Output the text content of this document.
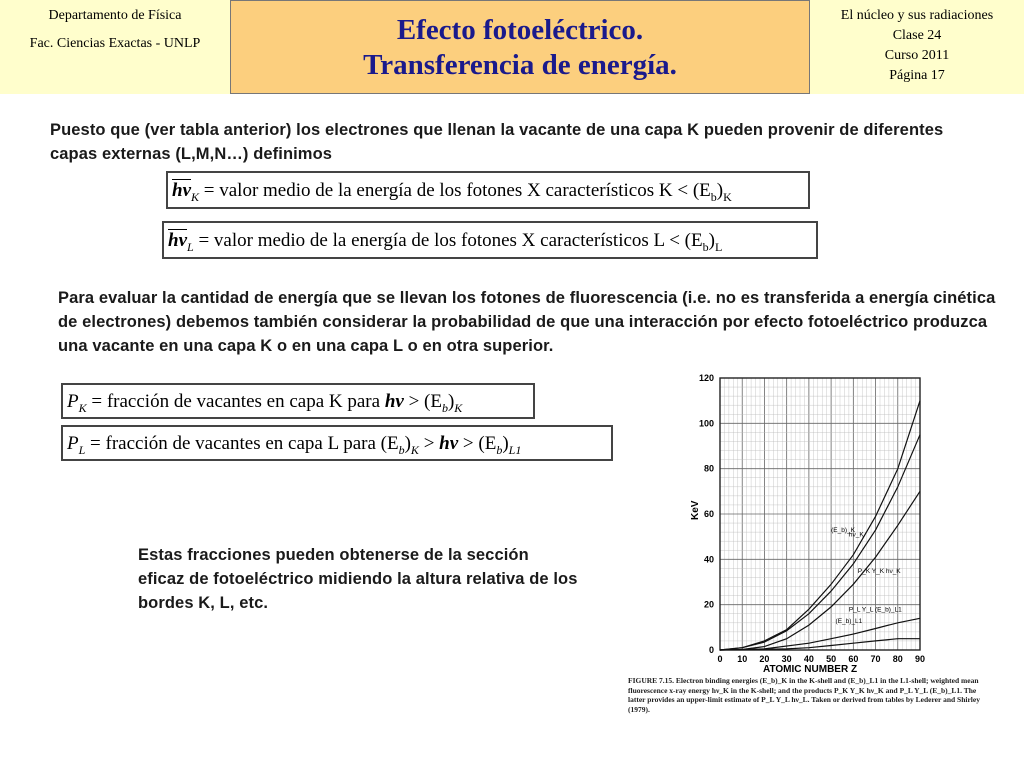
Departamento de Física
Fac. Ciencias Exactas - UNLP	Efecto fotoeléctrico.
Transferencia de energía.
El núcleo y sus radiaciones
Clase 24
Curso 2011
Página 17
Puesto que (ver tabla anterior) los electrones que llenan la vacante de una capa K pueden provenir de diferentes capas externas (L,M,N…) definimos
$\overline{h\nu}_K$ = valor medio de la energía de los fotones X característicos $K < (E_b)_K$
$\overline{h\nu}_L$ = valor medio de la energía de los fotones X característicos $L < (E_b)_L$
Para evaluar la cantidad de energía que se llevan los fotones de fluorescencia (i.e. no es transferida a energía cinética de electrones) debemos también considerar la probabilidad de que una interacción por efecto fotoeléctrico produzca una vacante en una capa K o en una capa L o en otra superior.
$P_K$ = fracción de vacantes en capa K para $h\nu > (E_b)_K$
$P_L$ = fracción de vacantes en capa L para $(E_b)_K > h\nu > (E_b)_{L1}$
Estas fracciones pueden obtenerse de la sección eficaz de fotoeléctrico midiendo la altura relativa de los bordes K, L, etc.
0
20
40
60
80
100
120
0 10 20 30 40 50 60 70 80 90
KeV
ATOMIC NUMBER Z
(E_b)_K
hν_K
P_K Y_K hν_K
P_L Y_L (E_b)_L1
(E_b)_L1
FIGURE 7.15. Electron binding energies (E_b)_K in the K-shell and (E_b)_L1 in the L1-shell; weighted mean fluorescence x-ray energy hν_K in the K-shell; and the products P_K Y_K hν_K and P_L Y_L (E_b)_L1. The latter provides an upper-limit estimate of P_L Y_L hν_L. Taken or derived from tables by Lederer and Shirley (1979).
